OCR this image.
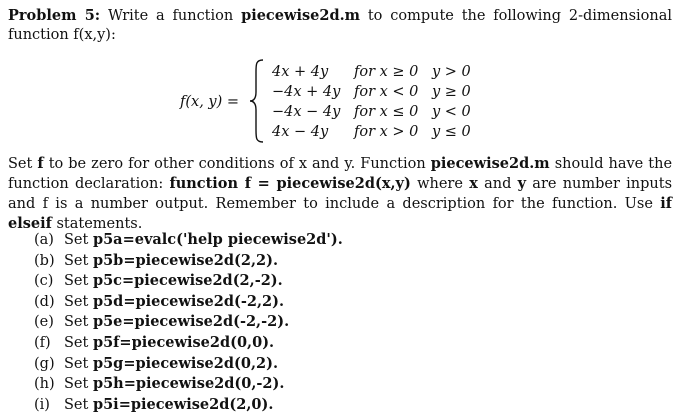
Problem 5: Write a function piecewise2d.m to compute the following 2-dimensional function f(x,y):
f(x, y) =
4x + 4y for x ≥ 0 y > 0
−4x + 4y for x < 0 y ≥ 0
−4x − 4y for x ≤ 0 y < 0
4x − 4y for x > 0 y ≤ 0
Set f to be zero for other conditions of x and y. Function piecewise2d.m should have the function declaration: function f = piecewise2d(x,y) where x and y are number inputs and f is a number output. Remember to include a description for the function. Use if elseif statements.
(a) Set p5a=evalc('help piecewise2d').
(b) Set p5b=piecewise2d(2,2).
(c) Set p5c=piecewise2d(2,-2).
(d) Set p5d=piecewise2d(-2,2).
(e) Set p5e=piecewise2d(-2,-2).
(f) Set p5f=piecewise2d(0,0).
(g) Set p5g=piecewise2d(0,2).
(h) Set p5h=piecewise2d(0,-2).
(i) Set p5i=piecewise2d(2,0).
